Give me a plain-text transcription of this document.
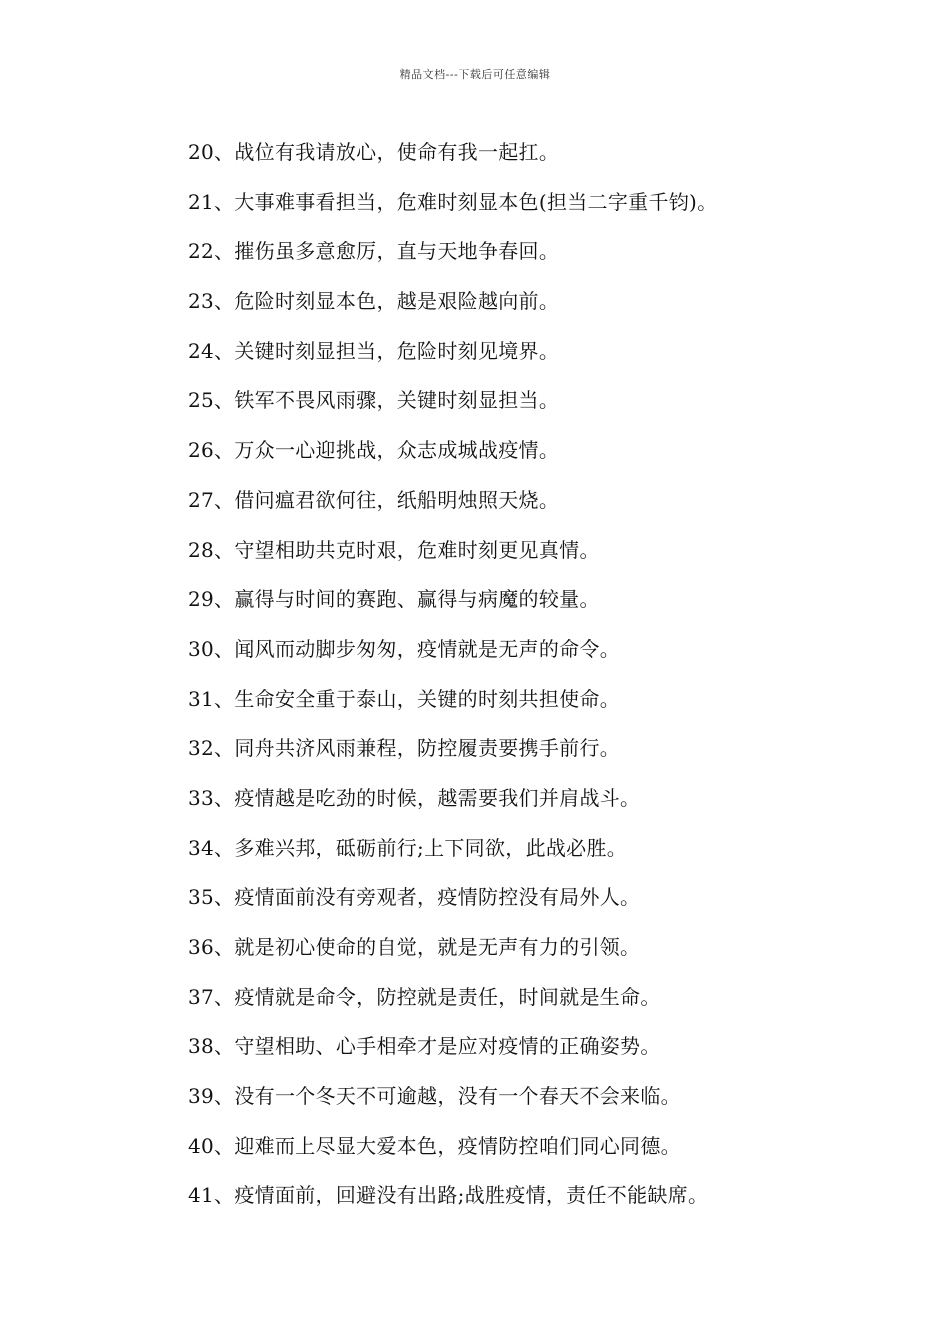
精品文档---下载后可任意编辑
20、战位有我请放心，使命有我一起扛。
21、大事难事看担当，危难时刻显本色(担当二字重千钧)。
22、摧伤虽多意愈厉，直与天地争春回。
23、危险时刻显本色，越是艰险越向前。
24、关键时刻显担当，危险时刻见境界。
25、铁军不畏风雨骤，关键时刻显担当。
26、万众一心迎挑战，众志成城战疫情。
27、借问瘟君欲何往，纸船明烛照天烧。
28、守望相助共克时艰，危难时刻更见真情。
29、赢得与时间的赛跑、赢得与病魔的较量。
30、闻风而动脚步匆匆，疫情就是无声的命令。
31、生命安全重于泰山，关键的时刻共担使命。
32、同舟共济风雨兼程，防控履责要携手前行。
33、疫情越是吃劲的时候，越需要我们并肩战斗。
34、多难兴邦，砥砺前行;上下同欲，此战必胜。
35、疫情面前没有旁观者，疫情防控没有局外人。
36、就是初心使命的自觉，就是无声有力的引领。
37、疫情就是命令，防控就是责任，时间就是生命。
38、守望相助、心手相牵才是应对疫情的正确姿势。
39、没有一个冬天不可逾越，没有一个春天不会来临。
40、迎难而上尽显大爱本色，疫情防控咱们同心同德。
41、疫情面前，回避没有出路;战胜疫情，责任不能缺席。
